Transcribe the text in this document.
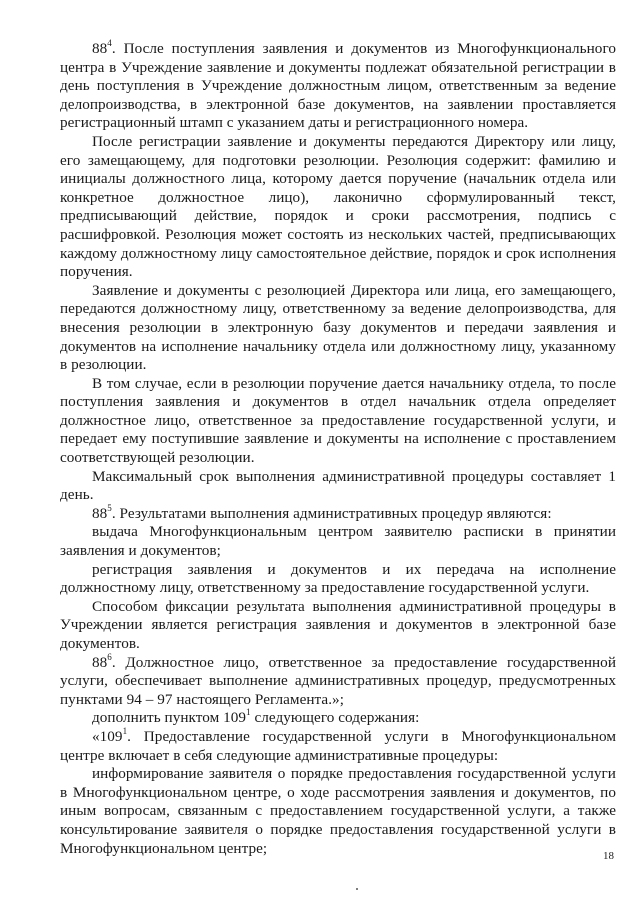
$88^4$. После поступления заявления и документов из Многофункционального центра в Учреждение заявление и документы подлежат обязательной регистрации в день поступления в Учреждение должностным лицом, ответственным за ведение делопроизводства, в электронной базе документов, на заявлении проставляется регистрационный штамп с указанием даты и регистрационного номера.

После регистрации заявление и документы передаются Директору или лицу, его замещающему, для подготовки резолюции. Резолюция содержит: фамилию и инициалы должностного лица, которому дается поручение (начальник отдела или конкретное должностное лицо), лаконично сформулированный текст, предписывающий действие, порядок и сроки рассмотрения, подпись с расшифровкой. Резолюция может состоять из нескольких частей, предписывающих каждому должностному лицу самостоятельное действие, порядок и срок исполнения поручения.

Заявление и документы с резолюцией Директора или лица, его замещающего, передаются должностному лицу, ответственному за ведение делопроизводства, для внесения резолюции в электронную базу документов и передачи заявления и документов на исполнение начальнику отдела или должностному лицу, указанному в резолюции.

В том случае, если в резолюции поручение дается начальнику отдела, то после поступления заявления и документов в отдел начальник отдела определяет должностное лицо, ответственное за предоставление государственной услуги, и передает ему поступившие заявление и документы на исполнение с проставлением соответствующей резолюции.

Максимальный срок выполнения административной процедуры составляет 1 день.

$88^5$. Результатами выполнения административных процедур являются:

выдача Многофункциональным центром заявителю расписки в принятии заявления и документов;

регистрация заявления и документов и их передача на исполнение должностному лицу, ответственному за предоставление государственной услуги.

Способом фиксации результата выполнения административной процедуры в Учреждении является регистрация заявления и документов в электронной базе документов.

$88^6$. Должностное лицо, ответственное за предоставление государственной услуги, обеспечивает выполнение административных процедур, предусмотренных пунктами 94 – 97 настоящего Регламента.»;

дополнить пунктом $109^1$ следующего содержания:

«$109^1$. Предоставление государственной услуги в Многофункциональном центре включает в себя следующие административные процедуры:

информирование заявителя о порядке предоставления государственной услуги в Многофункциональном центре, о ходе рассмотрения заявления и документов, по иным вопросам, связанным с предоставлением государственной услуги, а также консультирование заявителя о порядке предоставления государственной услуги в Многофункциональном центре;	18
